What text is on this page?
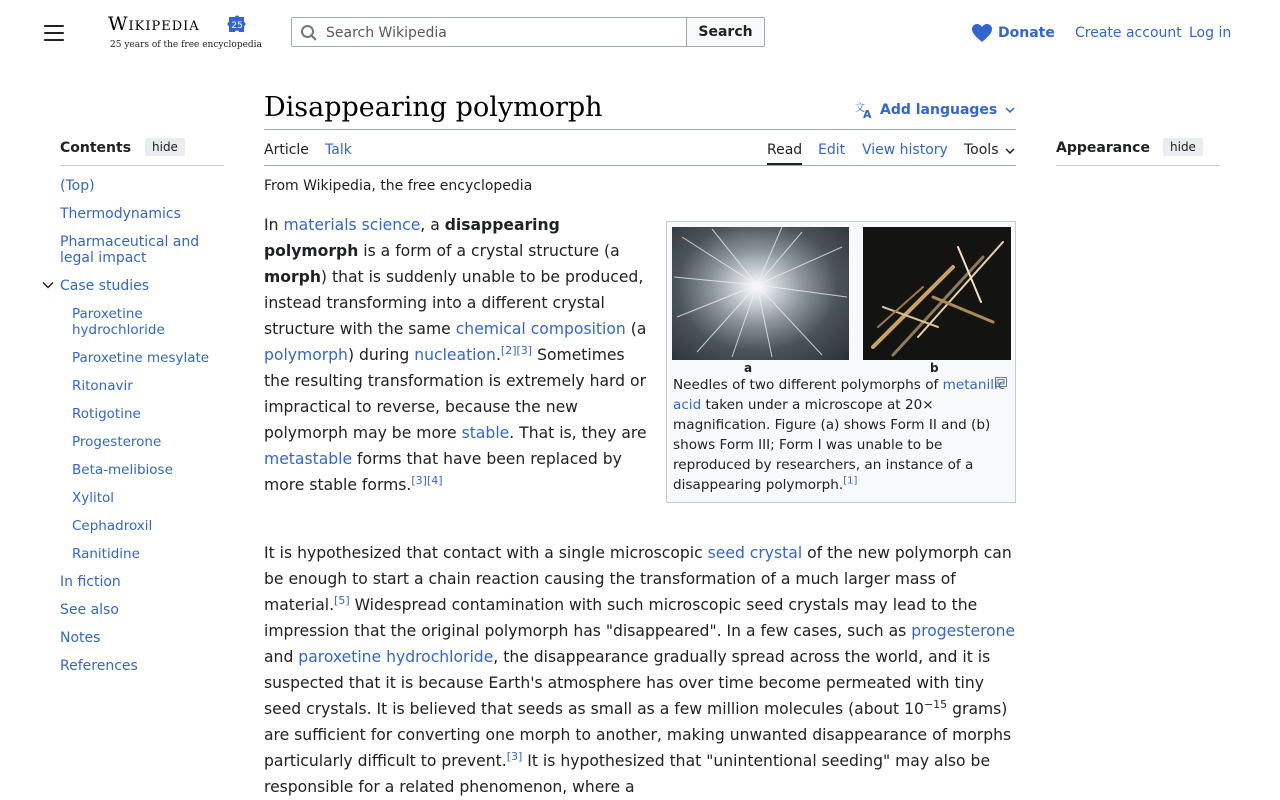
Wikipedia	25
25 years of the free encyclopedia
Search Wikipedia	Search	Donate Create account Log in
Contents	hide
(Top)
Thermodynamics
Pharmaceutical and
legal impact
Case studies
Paroxetine
hydrochloride
Paroxetine mesylate
Ritonavir
Rotigotine
Progesterone
Beta-melibiose
Xylitol
Cephadroxil
Ranitidine
In fiction
See also
Notes
References
Disappearing polymorph	文
A Add languages
Article Talk	Read Edit View history Tools
From Wikipedia, the free encyclopedia
Appearance	hide
a	b
Needles of two different polymorphs of metanilic acid taken under a microscope at 20× magnification. Figure (a) shows Form II and (b) shows Form III; Form I was unable to be reproduced by researchers, an instance of a disappearing polymorph.[1]
In materials science, a disappearing polymorph is a form of a crystal structure (a morph) that is suddenly unable to be produced, instead transforming into a different crystal structure with the same chemical composition (a polymorph) during nucleation.[2][3] Sometimes the resulting transformation is extremely hard or impractical to reverse, because the new polymorph may be more stable. That is, they are metastable forms that have been replaced by more stable forms.[3][4]
It is hypothesized that contact with a single microscopic seed crystal of the new polymorph can be enough to start a chain reaction causing the transformation of a much larger mass of material.[5] Widespread contamination with such microscopic seed crystals may lead to the impression that the original polymorph has "disappeared". In a few cases, such as progesterone and paroxetine hydrochloride, the disappearance gradually spread across the world, and it is suspected that it is because Earth's atmosphere has over time become permeated with tiny seed crystals. It is believed that seeds as small as a few million molecules (about $10^{-15}$ grams) are sufficient for converting one morph to another, making unwanted disappearance of morphs particularly difficult to prevent.[3] It is hypothesized that "unintentional seeding" may also be responsible for a related phenomenon, where a
